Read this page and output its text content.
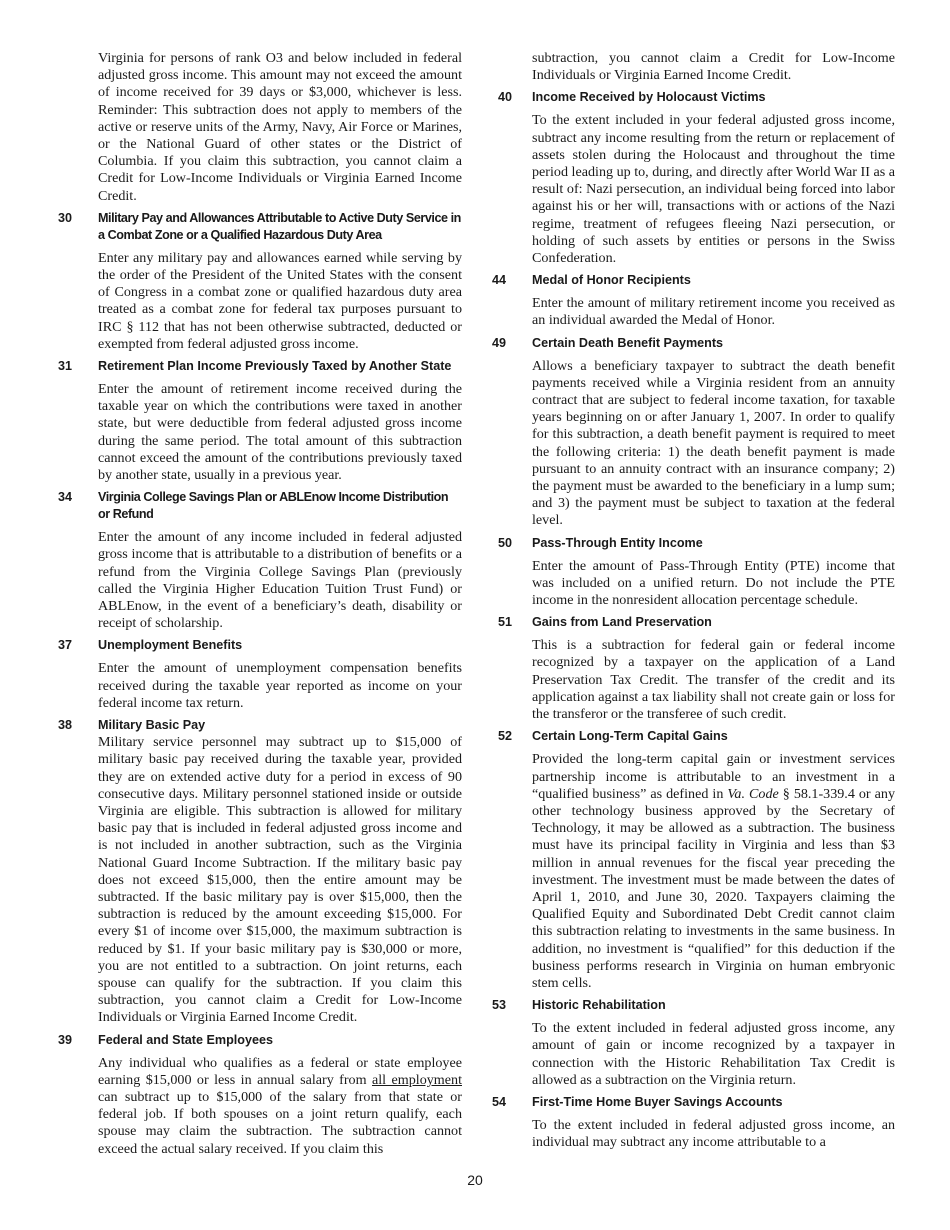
Virginia for persons of rank O3 and below included in federal adjusted gross income. This amount may not exceed the amount of income received for 39 days or $3,000, whichever is less. Reminder: This subtraction does not apply to members of the active or reserve units of the Army, Navy, Air Force or Marines, or the National Guard of other states or the District of Columbia. If you claim this subtraction, you cannot claim a Credit for Low-Income Individuals or Virginia Earned Income Credit.

30	Military Pay and Allowances Attributable to Active Duty Service in a Combat Zone or a Qualified Hazardous Duty Area

Enter any military pay and allowances earned while serving by the order of the President of the United States with the consent of Congress in a combat zone or qualified hazardous duty area treated as a combat zone for federal tax purposes pursuant to IRC § 112 that has not been otherwise subtracted, deducted or exempted from federal adjusted gross income.

31	Retirement Plan Income Previously Taxed by Another State

Enter the amount of retirement income received during the taxable year on which the contributions were taxed in another state, but were deductible from federal adjusted gross income during the same period. The total amount of this subtraction cannot exceed the amount of the contributions previously taxed by another state, usually in a previous year.

34	Virginia College Savings Plan or ABLEnow Income Distribution or Refund

Enter the amount of any income included in federal adjusted gross income that is attributable to a distribution of benefits or a refund from the Virginia College Savings Plan (previously called the Virginia Higher Education Tuition Trust Fund) or ABLEnow, in the event of a beneficiary’s death, disability or receipt of scholarship.

37	Unemployment Benefits

Enter the amount of unemployment compensation benefits received during the taxable year reported as income on your federal income tax return.

38	Military Basic Pay

Military service personnel may subtract up to $15,000 of military basic pay received during the taxable year, provided they are on extended active duty for a period in excess of 90 consecutive days. Military personnel stationed inside or outside Virginia are eligible. This subtraction is allowed for military basic pay that is included in federal adjusted gross income and is not included in another subtraction, such as the Virginia National Guard Income Subtraction. If the military basic pay does not exceed $15,000, then the entire amount may be subtracted. If the basic military pay is over $15,000, then the subtraction is reduced by the amount exceeding $15,000. For every $1 of income over $15,000, the maximum subtraction is reduced by $1. If your basic military pay is $30,000 or more, you are not entitled to a subtraction. On joint returns, each spouse can qualify for the subtraction. If you claim this subtraction, you cannot claim a Credit for Low-Income Individuals or Virginia Earned Income Credit.

39	Federal and State Employees

Any individual who qualifies as a federal or state employee earning $15,000 or less in annual salary from all employment can subtract up to $15,000 of the salary from that state or federal job. If both spouses on a joint return qualify, each spouse may claim the subtraction. The subtraction cannot exceed the actual salary received. If you claim this

subtraction, you cannot claim a Credit for Low-Income Individuals or Virginia Earned Income Credit.

40	Income Received by Holocaust Victims

To the extent included in your federal adjusted gross income, subtract any income resulting from the return or replacement of assets stolen during the Holocaust and throughout the time period leading up to, during, and directly after World War II as a result of: Nazi persecution, an individual being forced into labor against his or her will, transactions with or actions of the Nazi regime, treatment of refugees fleeing Nazi persecution, or holding of such assets by entities or persons in the Swiss Confederation.

44	Medal of Honor Recipients

Enter the amount of military retirement income you received as an individual awarded the Medal of Honor.

49	Certain Death Benefit Payments

Allows a beneficiary taxpayer to subtract the death benefit payments received while a Virginia resident from an annuity contract that are subject to federal income taxation, for taxable years beginning on or after January 1, 2007. In order to qualify for this subtraction, a death benefit payment is required to meet the following criteria: 1) the death benefit payment is made pursuant to an annuity contract with an insurance company; 2) the payment must be awarded to the beneficiary in a lump sum; and 3) the payment must be subject to taxation at the federal level.

50	Pass-Through Entity Income

Enter the amount of Pass-Through Entity (PTE) income that was included on a unified return. Do not include the PTE income in the nonresident allocation percentage schedule.

51	Gains from Land Preservation

This is a subtraction for federal gain or federal income recognized by a taxpayer on the application of a Land Preservation Tax Credit. The transfer of the credit and its application against a tax liability shall not create gain or loss for the transferor or the transferee of such credit.

52	Certain Long-Term Capital Gains

Provided the long-term capital gain or investment services partnership income is attributable to an investment in a “qualified business” as defined in Va. Code § 58.1-339.4 or any other technology business approved by the Secretary of Technology, it may be allowed as a subtraction. The business must have its principal facility in Virginia and less than $3 million in annual revenues for the fiscal year preceding the investment. The investment must be made between the dates of April 1, 2010, and June 30, 2020. Taxpayers claiming the Qualified Equity and Subordinated Debt Credit cannot claim this subtraction relating to investments in the same business. In addition, no investment is “qualified” for this deduction if the business performs research in Virginia on human embryonic stem cells.

53	Historic Rehabilitation

To the extent included in federal adjusted gross income, any amount of gain or income recognized by a taxpayer in connection with the Historic Rehabilitation Tax Credit is allowed as a subtraction on the Virginia return.

54	First-Time Home Buyer Savings Accounts

To the extent included in federal adjusted gross income, an individual may subtract any income attributable to a

20
